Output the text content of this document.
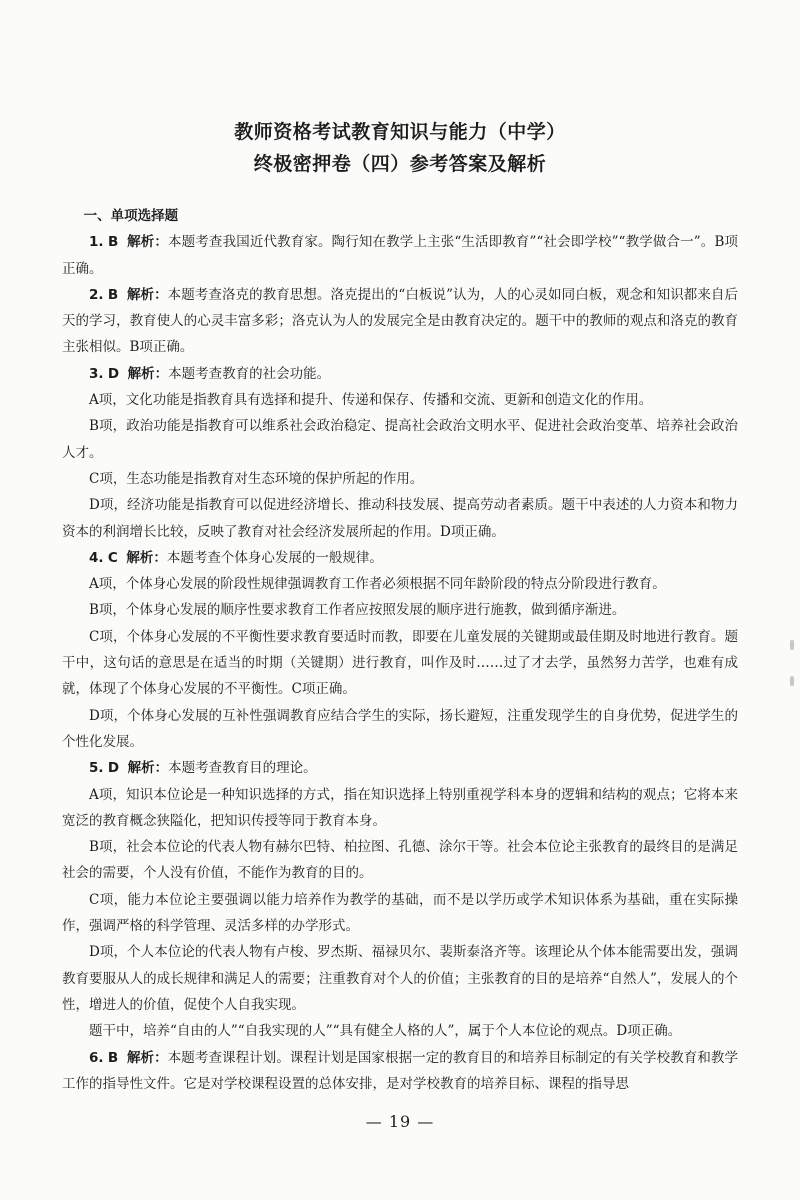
教师资格考试教育知识与能力（中学）
终极密押卷（四）参考答案及解析

一、单项选择题

1. B 解析：本题考查我国近代教育家。陶行知在教学上主张“生活即教育”“社会即学校”“教学做合一”。B项正确。

2. B 解析：本题考查洛克的教育思想。洛克提出的“白板说”认为，人的心灵如同白板，观念和知识都来自后天的学习，教育使人的心灵丰富多彩；洛克认为人的发展完全是由教育决定的。题干中的教师的观点和洛克的教育主张相似。B项正确。

3. D 解析：本题考查教育的社会功能。

A项，文化功能是指教育具有选择和提升、传递和保存、传播和交流、更新和创造文化的作用。

B项，政治功能是指教育可以维系社会政治稳定、提高社会政治文明水平、促进社会政治变革、培养社会政治人才。

C项，生态功能是指教育对生态环境的保护所起的作用。

D项，经济功能是指教育可以促进经济增长、推动科技发展、提高劳动者素质。题干中表述的人力资本和物力资本的利润增长比较，反映了教育对社会经济发展所起的作用。D项正确。

4. C 解析：本题考查个体身心发展的一般规律。

A项，个体身心发展的阶段性规律强调教育工作者必须根据不同年龄阶段的特点分阶段进行教育。

B项，个体身心发展的顺序性要求教育工作者应按照发展的顺序进行施教，做到循序渐进。

C项，个体身心发展的不平衡性要求教育要适时而教，即要在儿童发展的关键期或最佳期及时地进行教育。题干中，这句话的意思是在适当的时期（关键期）进行教育，叫作及时……过了才去学，虽然努力苦学，也难有成就，体现了个体身心发展的不平衡性。C项正确。

D项，个体身心发展的互补性强调教育应结合学生的实际，扬长避短，注重发现学生的自身优势，促进学生的个性化发展。

5. D 解析：本题考查教育目的理论。

A项，知识本位论是一种知识选择的方式，指在知识选择上特别重视学科本身的逻辑和结构的观点；它将本来宽泛的教育概念狭隘化，把知识传授等同于教育本身。

B项，社会本位论的代表人物有赫尔巴特、柏拉图、孔德、涂尔干等。社会本位论主张教育的最终目的是满足社会的需要，个人没有价值，不能作为教育的目的。

C项，能力本位论主要强调以能力培养作为教学的基础，而不是以学历或学术知识体系为基础，重在实际操作，强调严格的科学管理、灵活多样的办学形式。

D项，个人本位论的代表人物有卢梭、罗杰斯、福禄贝尔、裴斯泰洛齐等。该理论从个体本能需要出发，强调教育要服从人的成长规律和满足人的需要；注重教育对个人的价值；主张教育的目的是培养“自然人”，发展人的个性，增进人的价值，促使个人自我实现。

题干中，培养“自由的人”“自我实现的人”“具有健全人格的人”，属于个人本位论的观点。D项正确。

6. B 解析：本题考查课程计划。课程计划是国家根据一定的教育目的和培养目标制定的有关学校教育和教学工作的指导性文件。它是对学校课程设置的总体安排，是对学校教育的培养目标、课程的指导思

— 19 —
